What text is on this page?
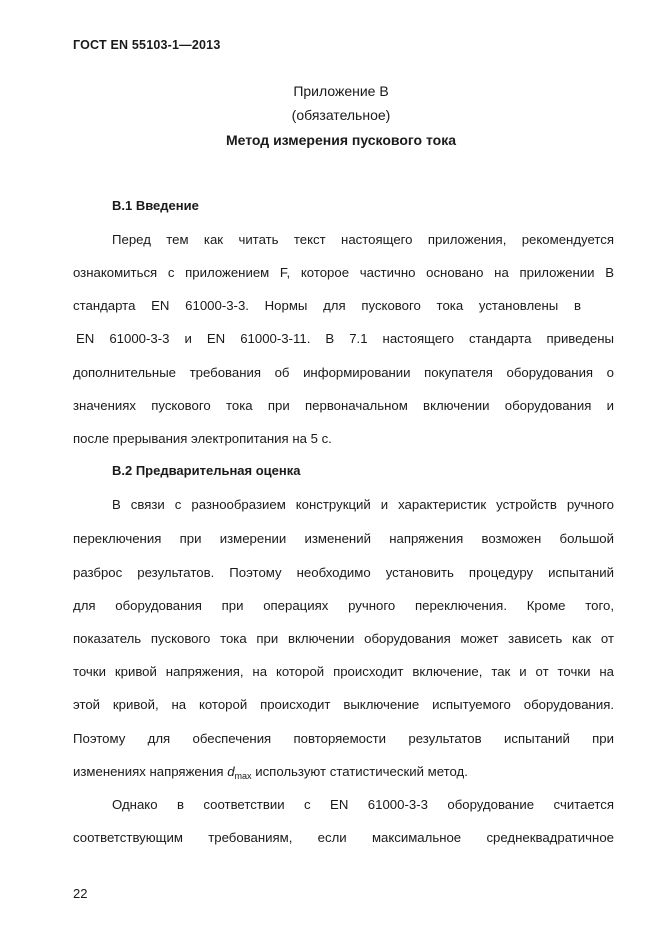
ГОСТ EN 55103-1—2013
Приложение В
(обязательное)
Метод измерения пускового тока
В.1 Введение
Перед тем как читать текст настоящего приложения, рекомендуется
ознакомиться с приложением F, которое частично основано на приложении В
стандарта EN 61000-3-3. Нормы для пускового тока установлены в
EN 61000-3-3 и EN 61000-3-11. В 7.1 настоящего стандарта приведены
дополнительные требования об информировании покупателя оборудования о
значениях пускового тока при первоначальном включении оборудования и
после прерывания электропитания на 5 с.
В.2 Предварительная оценка
В связи с разнообразием конструкций и характеристик устройств ручного
переключения при измерении изменений напряжения возможен большой
разброс результатов. Поэтому необходимо установить процедуру испытаний
для оборудования при операциях ручного переключения. Кроме того,
показатель пускового тока при включении оборудования может зависеть как от
точки кривой напряжения, на которой происходит включение, так и от точки на
этой кривой, на которой происходит выключение испытуемого оборудования.
Поэтому для обеспечения повторяемости результатов испытаний при
изменениях напряжения $d_{max}$ используют статистический метод.
Однако в соответствии с EN 61000-3-3 оборудование считается
соответствующим требованиям, если максимальное среднеквадратичное
22
